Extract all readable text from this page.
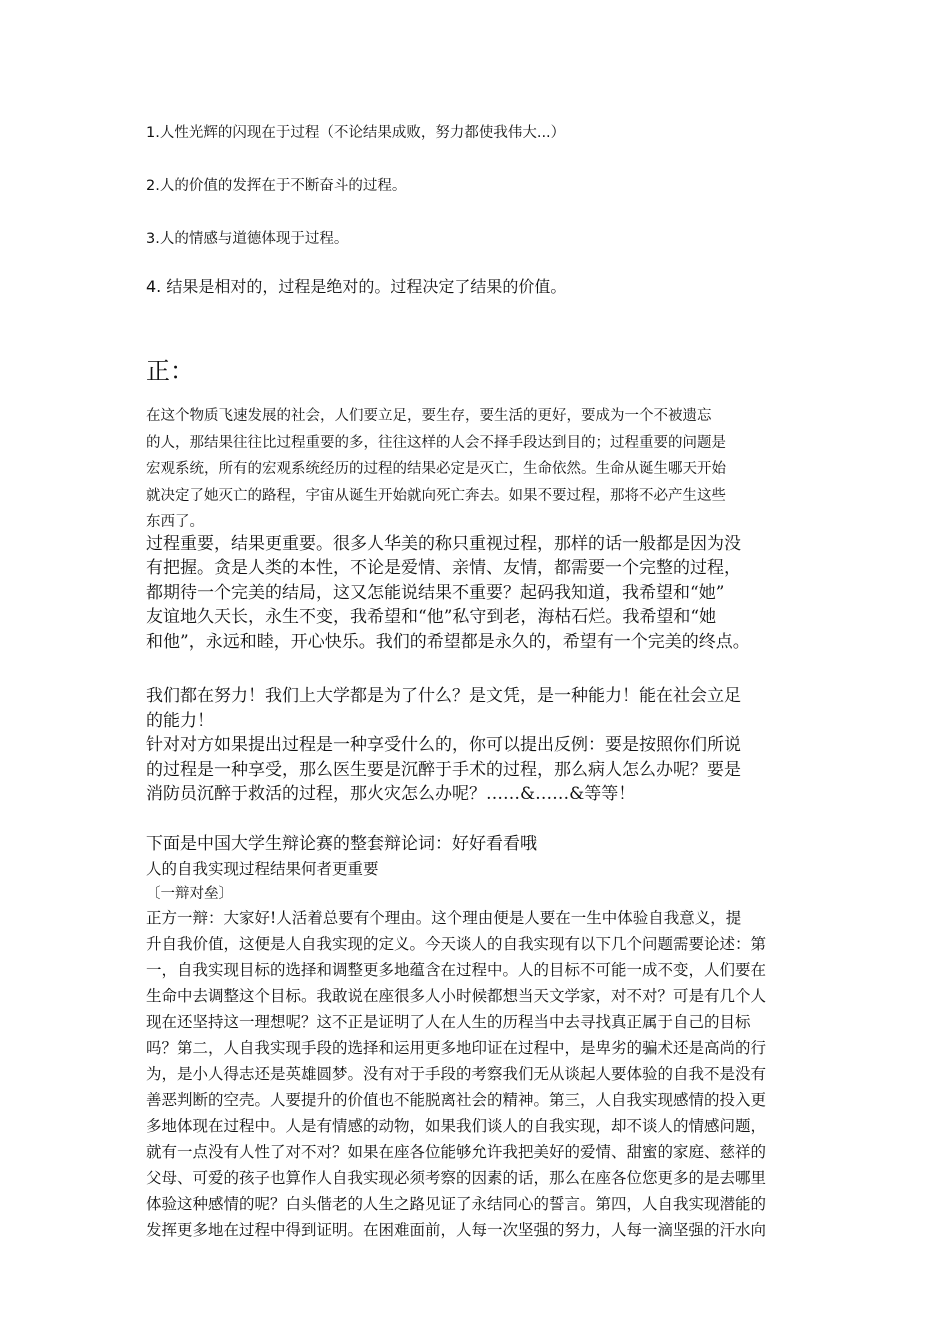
1.人性光辉的闪现在于过程（不论结果成败，努力都使我伟大...）
2.人的价值的发挥在于不断奋斗的过程。
3.人的情感与道德体现于过程。
4. 结果是相对的，过程是绝对的。过程决定了结果的价值。
正：
在这个物质飞速发展的社会，人们要立足，要生存，要生活的更好，要成为一个不被遗忘
的人，那结果往往比过程重要的多，往往这样的人会不择手段达到目的；过程重要的问题是
宏观系统，所有的宏观系统经历的过程的结果必定是灭亡，生命依然。生命从诞生哪天开始
就决定了她灭亡的路程，宇宙从诞生开始就向死亡奔去。如果不要过程，那将不必产生这些
东西了。
过程重要，结果更重要。很多人华美的称只重视过程，那样的话一般都是因为没
有把握。贪是人类的本性，不论是爱情、亲情、友情，都需要一个完整的过程，
都期待一个完美的结局，这又怎能说结果不重要？起码我知道，我希望和“她”
友谊地久天长，永生不变，我希望和“他”私守到老，海枯石烂。我希望和“她
和他”，永远和睦，开心快乐。我们的希望都是永久的，希望有一个完美的终点。
我们都在努力！我们上大学都是为了什么？是文凭，是一种能力！能在社会立足
的能力！
针对对方如果提出过程是一种享受什么的，你可以提出反例：要是按照你们所说
的过程是一种享受，那么医生要是沉醉于手术的过程，那么病人怎么办呢？要是
消防员沉醉于救活的过程，那火灾怎么办呢？……&……&等等！
下面是中国大学生辩论赛的整套辩论词：好好看看哦
人的自我实现过程结果何者更重要
〔一辩对垒〕
正方一辩：大家好!人活着总要有个理由。这个理由便是人要在一生中体验自我意义，提
升自我价值，这便是人自我实现的定义。今天谈人的自我实现有以下几个问题需要论述：第
一，自我实现目标的选择和调整更多地蕴含在过程中。人的目标不可能一成不变，人们要在
生命中去调整这个目标。我敢说在座很多人小时候都想当天文学家，对不对？可是有几个人
现在还坚持这一理想呢？这不正是证明了人在人生的历程当中去寻找真正属于自己的目标
吗？第二，人自我实现手段的选择和运用更多地印证在过程中，是卑劣的骗术还是高尚的行
为，是小人得志还是英雄圆梦。没有对于手段的考察我们无从谈起人要体验的自我不是没有
善恶判断的空壳。人要提升的价值也不能脱离社会的精神。第三，人自我实现感情的投入更
多地体现在过程中。人是有情感的动物，如果我们谈人的自我实现，却不谈人的情感问题，
就有一点没有人性了对不对？如果在座各位能够允许我把美好的爱情、甜蜜的家庭、慈祥的
父母、可爱的孩子也算作人自我实现必须考察的因素的话，那么在座各位您更多的是去哪里
体验这种感情的呢？白头偕老的人生之路见证了永结同心的誓言。第四，人自我实现潜能的
发挥更多地在过程中得到证明。在困难面前，人每一次坚强的努力，人每一滴坚强的汗水向
